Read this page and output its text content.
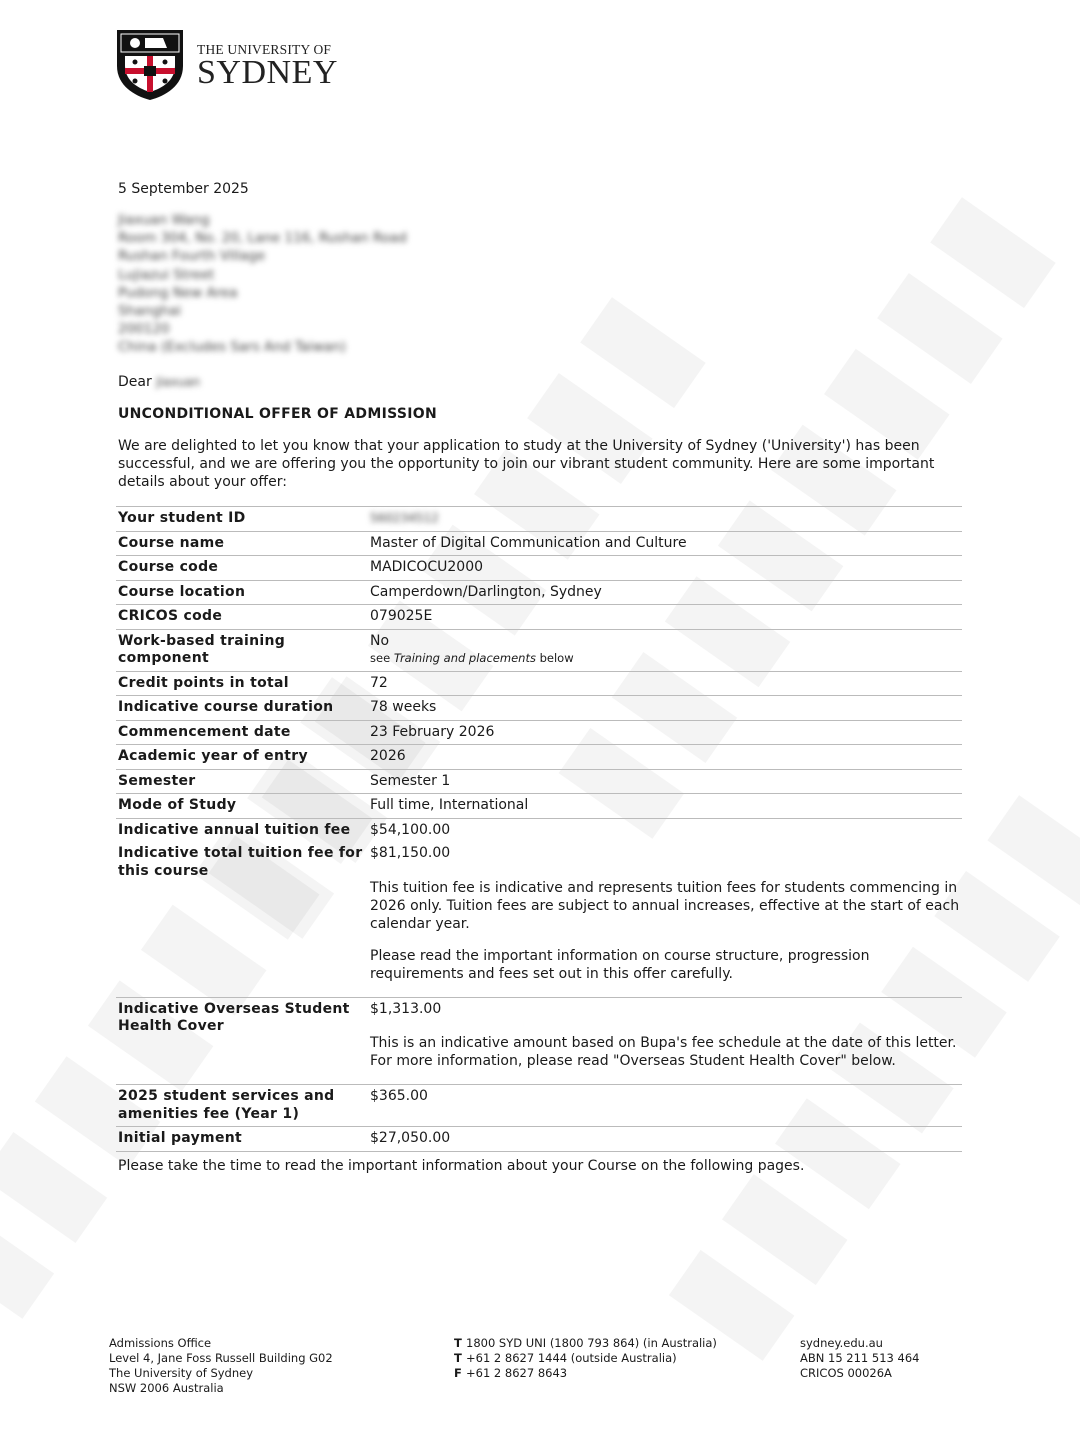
THE UNIVERSITY OF
SYDNEY
5 September 2025
Jiaxuan Wang
Room 304, No. 20, Lane 116, Rushan Road
Rushan Fourth Village
Lujiazui Street
Pudong New Area
Shanghai
200120
China (Excludes Sars And Taiwan)
Dear Jiaxuan
UNCONDITIONAL OFFER OF ADMISSION
We are delighted to let you know that your application to study at the University of Sydney ('University') has been successful, and we are offering you the opportunity to join our vibrant student community. Here are some important details about your offer:
Your student ID	560234512
Course name	Master of Digital Communication and Culture
Course code	MADICOCU2000
Course location	Camperdown/Darlington, Sydney
CRICOS code	079025E
Work-based training component	No
see Training and placements below

Credit points in total	72
Indicative course duration	78 weeks
Commencement date	23 February 2026
Academic year of entry	2026
Semester	Semester 1
Mode of Study	Full time, International
Indicative annual tuition fee	$54,100.00
Indicative total tuition fee for this course	$81,150.00
This tuition fee is indicative and represents tuition fees for students commencing in 2026 only. Tuition fees are subject to annual increases, effective at the start of each calendar year.
Please read the important information on course structure, progression requirements and fees set out in this offer carefully.

Indicative Overseas Student Health Cover	$1,313.00
This is an indicative amount based on Bupa's fee schedule at the date of this letter. For more information, please read "Overseas Student Health Cover" below.

2025 student services and amenities fee (Year 1)	$365.00
Initial payment	$27,050.00
Please take the time to read the important information about your Course on the following pages.
Admissions Office
Level 4, Jane Foss Russell Building G02
The University of Sydney
NSW 2006 Australia
T 1800 SYD UNI (1800 793 864) (in Australia)
T +61 2 8627 1444 (outside Australia)
F +61 2 8627 8643
sydney.edu.au
ABN 15 211 513 464
CRICOS 00026A
